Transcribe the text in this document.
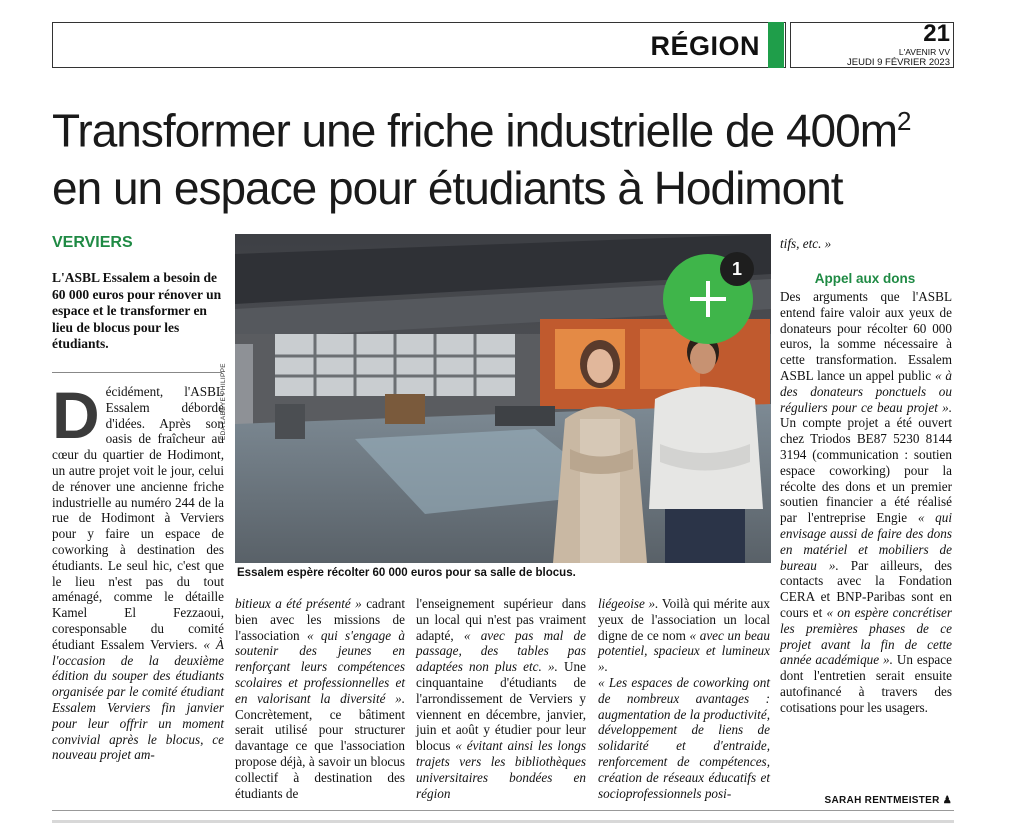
RÉGION	21
L'AVENIR VV
JEUDI 9 FÉVRIER 2023
Transformer une friche industrielle de $400m^2$
en un espace pour étudiants à Hodimont
VERVIERS
L'ASBL Essalem a besoin de 60 000 euros pour rénover un espace et le transformer en lieu de blocus pour les étudiants.
Décidément, l'ASBL Essalem déborde d'idées. Après son oasis de fraîcheur au cœur du quartier de Hodimont, un autre projet voit le jour, celui de rénover une ancienne friche industrielle au numéro 244 de la rue de Hodimont à Verviers pour y faire un espace de coworking à destination des étudiants. Le seul hic, c'est que le lieu n'est pas du tout aménagé, comme le détaille Kamel El Fezzaoui, coresponsable du comité étudiant Essalem Verviers. « À l'occasion de la deuxième édition du souper des étudiants organisée par le comité étudiant Essalem Verviers fin janvier pour leur offrir un moment convivial après le blocus, ce nouveau projet am-
1
EDA LABEYE PHILIPPE
Essalem espère récolter 60 000 euros pour sa salle de blocus.
bitieux a été présenté » cadrant bien avec les missions de l'association « qui s'engage à soutenir des jeunes en renforçant leurs compétences scolaires et professionnelles et en valorisant la diversité ». Concrètement, ce bâtiment serait utilisé pour structurer davantage ce que l'association propose déjà, à savoir un blocus collectif à destination des étudiants de
l'enseignement supérieur dans un local qui n'est pas vraiment adapté, « avec pas mal de passage, des tables pas adaptées non plus etc. ». Une cinquantaine d'étudiants de l'arrondissement de Verviers y viennent en décembre, janvier, juin et août y étudier pour leur blocus « évitant ainsi les longs trajets vers les bibliothèques universitaires bondées en région
liégeoise ». Voilà qui mérite aux yeux de l'association un local digne de ce nom « avec un beau potentiel, spacieux et lumineux ».
« Les espaces de coworking ont de nombreux avantages : augmentation de la productivité, développement de liens de solidarité et d'entraide, renforcement de compétences, création de réseaux éducatifs et socioprofessionnels posi-
tifs, etc. »
Appel aux dons
Des arguments que l'ASBL entend faire valoir aux yeux de donateurs pour récolter 60 000 euros, la somme nécessaire à cette transformation. Essalem ASBL lance un appel public « à des donateurs ponctuels ou réguliers pour ce beau projet ». Un compte projet a été ouvert chez Triodos BE87 5230 8144 3194 (communication : soutien espace coworking) pour la récolte des dons et un premier soutien financier a été réalisé par l'entreprise Engie « qui envisage aussi de faire des dons en matériel et mobiliers de bureau ». Par ailleurs, des contacts avec la Fondation CERA et BNP-Paribas sont en cours et « on espère concrétiser les premières phases de ce projet avant la fin de cette année académique ». Un espace dont l'entretien serait ensuite autofinancé à travers des cotisations pour les usagers.
SARAH RENTMEISTER ♟
